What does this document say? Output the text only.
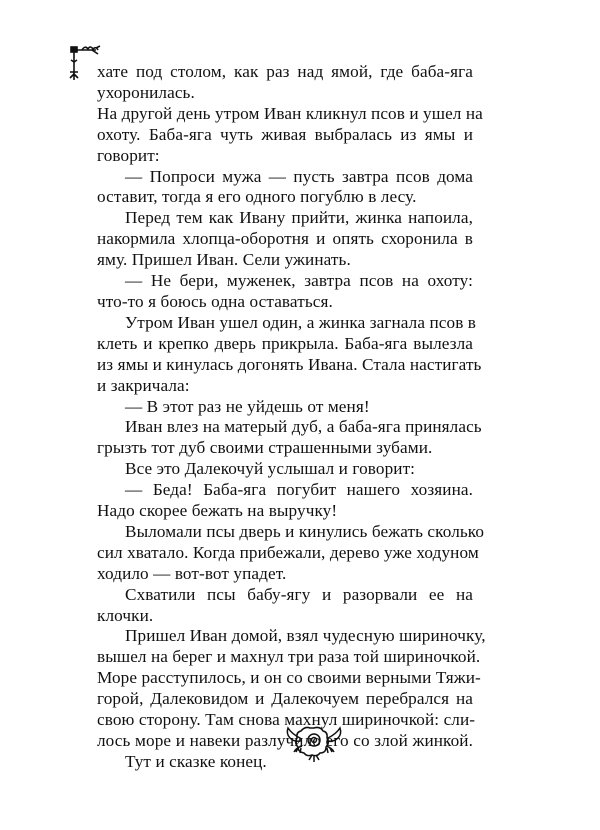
хате под столом, как раз над ямой, где баба-яга
ухоронилась.
На другой день утром Иван кликнул псов и ушел на
охоту. Баба-яга чуть живая выбралась из ямы и
говорит:
— Попроси мужа — пусть завтра псов дома
оставит, тогда я его одного погублю в лесу.
Перед тем как Ивану прийти, жинка напоила,
накормила хлопца-оборотня и опять схоронила в
яму. Пришел Иван. Сели ужинать.
— Не бери, муженек, завтра псов на охоту:
что-то я боюсь одна оставаться.
Утром Иван ушел один, а жинка загнала псов в
клеть и крепко дверь прикрыла. Баба-яга вылезла
из ямы и кинулась догонять Ивана. Стала настигать
и закричала:
— В этот раз не уйдешь от меня!
Иван влез на матерый дуб, а баба-яга принялась
грызть тот дуб своими страшенными зубами.
Все это Далекочуй услышал и говорит:
— Беда! Баба-яга погубит нашего хозяина.
Надо скорее бежать на выручку!
Выломали псы дверь и кинулись бежать сколько
сил хватало. Когда прибежали, дерево уже ходуном
ходило — вот-вот упадет.
Схватили псы бабу-ягу и разорвали ее на
клочки.
Пришел Иван домой, взял чудесную шириночку,
вышел на берег и махнул три раза той шириночкой.
Море расступилось, и он со своими верными Тяжи-
горой, Далековидом и Далекочуем перебрался на
свою сторону. Там снова махнул шириночкой: сли-
лось море и навеки разлучило его со злой жинкой.
Тут и сказке конец.
